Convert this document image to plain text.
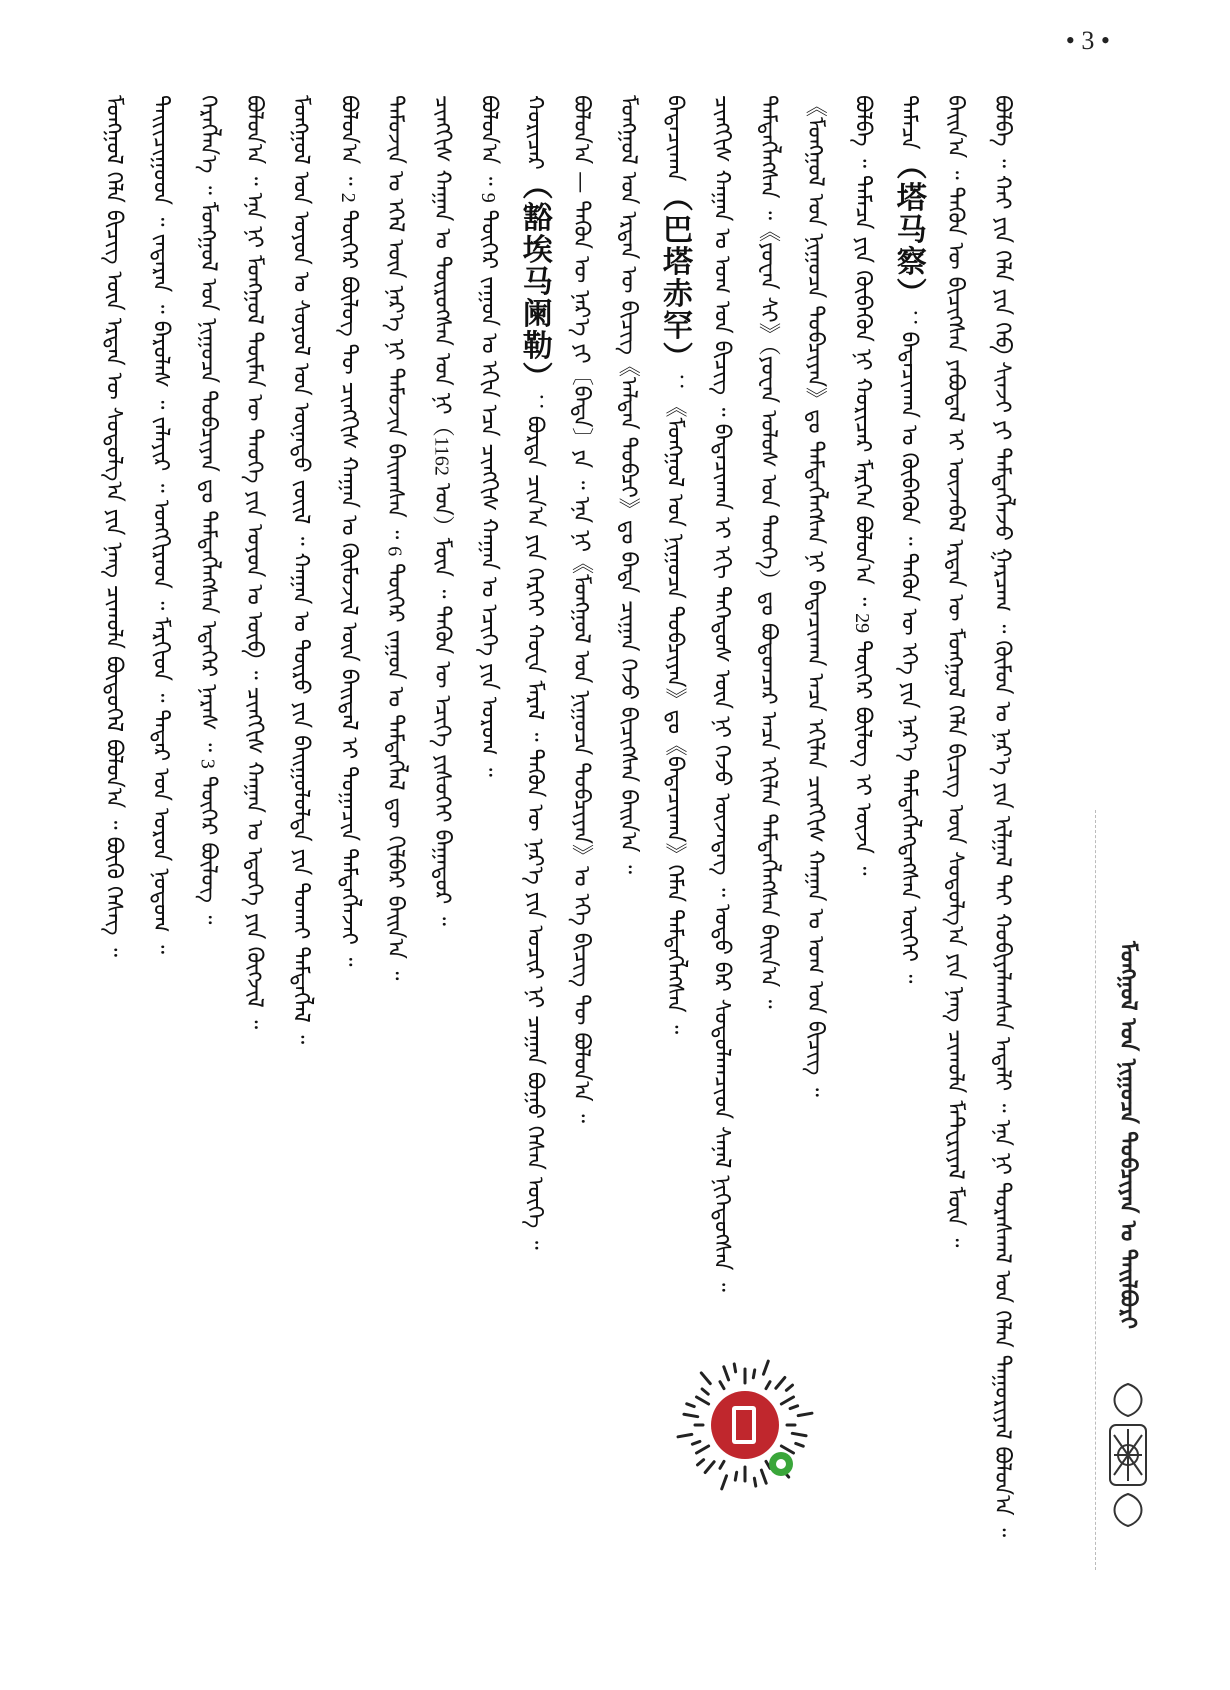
• 3 •
ᠮᠣᠩᠭᠣᠯ ᠤᠨ ᠨᠢᠭᠤᠴᠠ ᠲᠣᠪᠴᠢᠶᠠᠨ ᠤ ᠲᠠᠢᠯᠪᠤᠷᠢ
ᠪᠣᠯᠪᠠ ᠃ ᠬᠠᠢ ᠶᠢᠨ ᠬᠡᠯᠡ ᠶᠢᠨ ᠬᠡᠪ ᠰᠢᠨᠵᠢ ᠶᠢ ᠲᠡᠮᠳᠡᠭᠯᠡᠵᠦ ᠭᠠᠷᠴᠠᠭ ᠃ ᠬᠦᠮᠦᠨ ᠤ ᠨᠡᠷ᠎ᠡ ᠶᠢᠨ ᠢᠯᠭᠠᠯ ᠲᠠᠢ ᠬᠤᠪᠢᠶᠠᠯᠠᠭᠰᠠᠨ ᠠᠳᠠᠯᠢ ᠃ ᠡᠨᠡ ᠨᠢ ᠳᠤᠷᠠᠰᠬᠠᠯ ᠤᠨ ᠬᠡᠯᠡᠨ ᠳᠠᠭᠤᠷᠢᠶᠠᠯ ᠪᠣᠯᠤᠨ᠎ᠠ ᠃
ᠪᠠᠢᠨ᠎ᠠ ᠃ ᠲᠡᠭᠦᠨ ᠦ ᠪᠢᠴᠢᠭᠰᠡᠨ ᠶᠠᠪᠤᠳᠠᠯ ᠢ ᠦᠵᠡᠪᠡᠯ ᠡᠷᠲᠡᠨ ᠦ ᠮᠣᠩᠭᠣᠯ ᠬᠡᠯᠡ ᠪᠢᠴᠢᠭ ᠦᠨ ᠰᠤᠳᠤᠯᠭ᠎ᠠ ᠶᠢᠨ ᠨᠡᠩ ᠴᠢᠬᠤᠯᠠ ᠮᠠᠲ᠋ᠧᠷᠢᠶᠠᠯ ᠮᠥᠨ ᠃
ᠲᠠᠮᠠᠴᠠ（塔马察）：ᠪᠠᠲᠠᠴᠢᠬᠠᠨ ᠤ ᠬᠦᠪᠡᠭᠦᠨ ᠃ ᠲᠡᠭᠦᠨ ᠦ ᠡᠬᠡ ᠶᠢᠨ ᠨᠡᠷ᠎ᠡ ᠲᠡᠮᠳᠡᠭᠯᠡᠭᠳᠡᠭᠰᠡᠨ ᠦᠭᠡᠢ ᠃
ᠪᠣᠯᠪᠠ ᠃ ᠲᠠᠮᠠᠴᠠ ᠶᠢᠨ ᠬᠦᠪᠡᠭᠦᠨ ᠨᠢ ᠬᠣᠷᠢᠴᠠᠷ ᠮᠡᠷᠭᠡᠨ ᠪᠣᠯᠤᠨ᠎ᠠ ᠃ 29 ᠳᠦᠭᠡᠷ ᠪᠦᠯᠦᠭ ᠢ ᠦᠵᠡ ᠃
《ᠮᠣᠩᠭᠣᠯ ᠤᠨ ᠨᠢᠭᠤᠴᠠ ᠲᠣᠪᠴᠢᠶᠠᠨ》ᠳᠤ ᠲᠡᠮᠳᠡᠭᠯᠡᠭᠰᠡᠨ ᠨᠢ ᠪᠠᠲᠠᠴᠢᠬᠠᠨ ᠠᠴᠠ ᠡᠬᠢᠯᠡᠨ ᠴᠢᠩᠭᠢᠰ ᠬᠠᠭᠠᠨ ᠤ ᠤᠭ ᠤᠨ ᠪᠢᠴᠢᠭ ᠃
ᠲᠡᠮᠳᠡᠭᠯᠡᠭᠰᠡᠨ ᠃《ᠶᠤᠸᠠᠨ ᠰᠢ》（ᠶᠤᠸᠠᠨ ᠤᠯᠤᠰ ᠤᠨ ᠲᠡᠦᠬᠡ）ᠳᠤ ᠪᠣᠳᠤᠨᠴᠠᠷ ᠠᠴᠠ ᠡᠬᠢᠯᠡᠨ ᠲᠡᠮᠳᠡᠭᠯᠡᠭᠰᠡᠨ ᠪᠠᠢᠨ᠎ᠠ ᠃
ᠴᠢᠩᠭᠢᠰ ᠬᠠᠭᠠᠨ ᠤ ᠣᠭ ᠤᠨ ᠪᠢᠴᠢᠭ ᠃ ᠪᠠᠲᠠᠴᠢᠬᠠᠨ ᠢ ᠡᠬᠢ ᠳᠡᠭᠡᠳᠦᠰ ᠦᠨ ᠨᠢ ᠭᠡᠵᠦ ᠦᠵᠡᠳᠡᠭ ᠃ ᠣᠳᠣ ᠪᠠᠷ ᠰᠤᠳᠤᠯᠠᠭᠴᠢᠳ ᠰᠠᠨᠠᠯ ᠨᠢᠭᠡᠳᠦᠭᠰᠡᠨ ᠃
ᠪᠠᠲᠠᠴᠢᠬᠠᠨ（巴塔赤罕）：《ᠮᠣᠩᠭᠣᠯ ᠤᠨ ᠨᠢᠭᠤᠴᠠ ᠲᠣᠪᠴᠢᠶᠠᠨ》ᠳᠤ《ᠪᠠᠲᠠᠴᠢᠬᠠᠨ》ᠬᠡᠮᠡᠨ ᠲᠡᠮᠳᠡᠭᠯᠡᠭᠰᠡᠨ ᠃
ᠮᠣᠩᠭᠣᠯ ᠤᠨ ᠡᠷᠲᠡᠨ ᠦ ᠪᠢᠴᠢᠭ《ᠠᠯᠲᠠᠨ ᠲᠣᠪᠴᠢ》ᠳᠤ ᠪᠠᠲᠠ ᠴᠢᠭᠠᠨ ᠭᠡᠵᠦ ᠪᠢᠴᠢᠭᠰᠡᠨ ᠪᠠᠢᠨ᠎ᠠ ᠃
ᠪᠣᠯᠤᠨ᠎ᠠ — ᠲᠡᠭᠦᠨ ᠦ ᠨᠡᠷ᠎ᠡ ᠶᠢ〔ᠪᠠᠲᠠ〕ᠶᠠ ᠃ ᠡᠨᠡ ᠨᠢ《ᠮᠣᠩᠭᠣᠯ ᠤᠨ ᠨᠢᠭᠤᠴᠠ ᠲᠣᠪᠴᠢᠶᠠᠨ》ᠤ ᠡᠬᠡ ᠪᠢᠴᠢᠭ ᠲᠦ ᠪᠣᠯᠤᠨ᠎ᠠ ᠃
ᠬᠣᠷᠢᠴᠠᠷ（豁埃马阑勒）：ᠪᠣᠷᠲᠡ ᠴᠢᠨ᠎ᠠ ᠶᠢᠨ ᠭᠡᠷᠭᠡᠢ ᠬᠣᠸᠠ ᠮᠠᠷᠠᠯ ᠃ ᠲᠡᠭᠦᠨ ᠦ ᠨᠡᠷ᠎ᠡ ᠶᠢᠨ ᠤᠴᠢᠷ ᠨᠢ ᠴᠠᠭᠠᠨ ᠪᠤᠭᠤ ᠭᠡᠰᠡᠨ ᠦᠭᠡ ᠃
ᠪᠣᠯᠤᠨ᠎ᠠ ᠃ 9 ᠳᠦᠭᠡᠷ ᠵᠠᠭᠤᠨ ᠤ ᠡᠬᠢᠨ ᠡᠴᠡ ᠴᠢᠩᠭᠢᠰ ᠬᠠᠭᠠᠨ ᠤ ᠡᠴᠢᠭᠡ ᠶᠢᠨ ᠤᠷᠤᠭ ᠃
ᠴᠢᠩᠭᠢᠰ ᠬᠠᠭᠠᠨ ᠤ ᠲᠥᠷᠦᠭᠰᠡᠨ ᠣᠨ ᠨᠢ（1162 ᠣᠨ）ᠮᠥᠨ ᠃ ᠲᠡᠭᠦᠨ ᠦ ᠡᠴᠢᠭᠡ ᠶᠢᠰᠦᠭᠡᠢ ᠪᠠᠭᠠᠲᠤᠷ ᠃
ᠲᠡᠮᠦᠵᠢᠨ ᠤ ᠡᠭᠡᠯ ᠦᠨ ᠨᠡᠷ᠎ᠡ ᠨᠢ ᠲᠡᠮᠦᠵᠢᠨ ᠪᠠᠢᠭᠰᠠᠨ ᠃ 6 ᠳᠦᠭᠡᠷ ᠵᠠᠭᠤᠨ ᠤ ᠲᠡᠮᠳᠡᠭᠯᠡᠯ ᠳᠦ ᠬᠢᠯᠪᠠᠷ ᠪᠠᠢᠨ᠎ᠠ ᠃
ᠪᠣᠯᠤᠨ᠎ᠠ ᠃ 2 ᠳᠦᠭᠡᠷ ᠪᠦᠯᠦᠭ ᠲᠦ ᠴᠢᠩᠭᠢᠰ ᠬᠠᠭᠠᠨ ᠤ ᠬᠦᠮᠦᠵᠢᠯ ᠦᠨ ᠪᠠᠢᠳᠠᠯ ᠢ ᠲᠣᠭᠠᠴᠢᠨ ᠲᠡᠮᠳᠡᠭᠯᠡᠵᠡᠢ ᠃
ᠮᠣᠩᠭᠣᠯ ᠤᠨ ᠣᠶᠤᠨ ᠤ ᠰᠣᠶᠣᠯ ᠤᠨ ᠦᠨᠡᠲᠦ ᠵᠦᠢᠯ ᠃ ᠬᠠᠭᠠᠨ ᠤ ᠲᠥᠷᠦ ᠶᠢᠨ ᠪᠠᠢᠭᠤᠯᠤᠯᠲᠠ ᠶᠢᠨ ᠲᠤᠬᠠᠢ ᠲᠡᠮᠳᠡᠭᠯᠡᠯ ᠃
ᠪᠣᠯᠤᠨ᠎ᠠ ᠃ ᠡᠨᠡ ᠨᠢ ᠮᠣᠩᠭᠣᠯ ᠲᠦᠮᠡᠨ ᠦ ᠲᠡᠦᠬᠡ ᠶᠢᠨ ᠣᠶᠤᠨ ᠤ ᠥᠪ ᠃ ᠴᠢᠩᠭᠢᠰ ᠬᠠᠭᠠᠨ ᠤ ᠡᠳᠦᠭᠡ ᠶᠢᠨ ᠬᠥᠭᠵᠢᠯ ᠃
ᠬᠡᠷᠡᠭᠯᠡᠨ᠎ᠡ ᠃ ᠮᠣᠩᠭᠣᠯ ᠤᠨ ᠨᠢᠭᠤᠴᠠ ᠲᠣᠪᠴᠢᠶᠠᠨ ᠳᠤ ᠲᠡᠮᠳᠡᠭᠯᠡᠭᠰᠡᠨ ᠡᠳᠡᠭᠡᠷ ᠨᠡᠷᠡᠰ ᠃ 3 ᠳᠦᠭᠡᠷ ᠪᠦᠯᠦᠭ ᠃
ᠲᠠᠢᠢᠴᠢᠭᠤᠳ ᠃ ᠵᠠᠳᠠᠷᠠᠨ ᠃ ᠪᠠᠷᠤᠯᠠᠰ ᠃ ᠵᠠᠯᠠᠶᠢᠷ ᠃ ᠣᠩᠭᠢᠷᠠᠳ ᠃ ᠮᠡᠷᠭᠢᠳ ᠃ ᠲᠠᠲᠠᠷ ᠤᠨ ᠣᠷᠣᠨ ᠨᠤᠲᠤᠭ ᠃
ᠮᠣᠩᠭᠣᠯ ᠬᠡᠯᠡ ᠪᠢᠴᠢᠭ ᠦᠨ ᠡᠷᠲᠡᠨ ᠦ ᠰᠤᠳᠤᠯᠭ᠎ᠠ ᠶᠢᠨ ᠨᠡᠩ ᠴᠢᠬᠤᠯᠠ ᠪᠦᠲᠦᠭᠡᠯ ᠪᠣᠯᠤᠨ᠎ᠠ ᠃ ᠪᠦᠬᠦ ᠬᠡᠰᠡᠭ ᠃
